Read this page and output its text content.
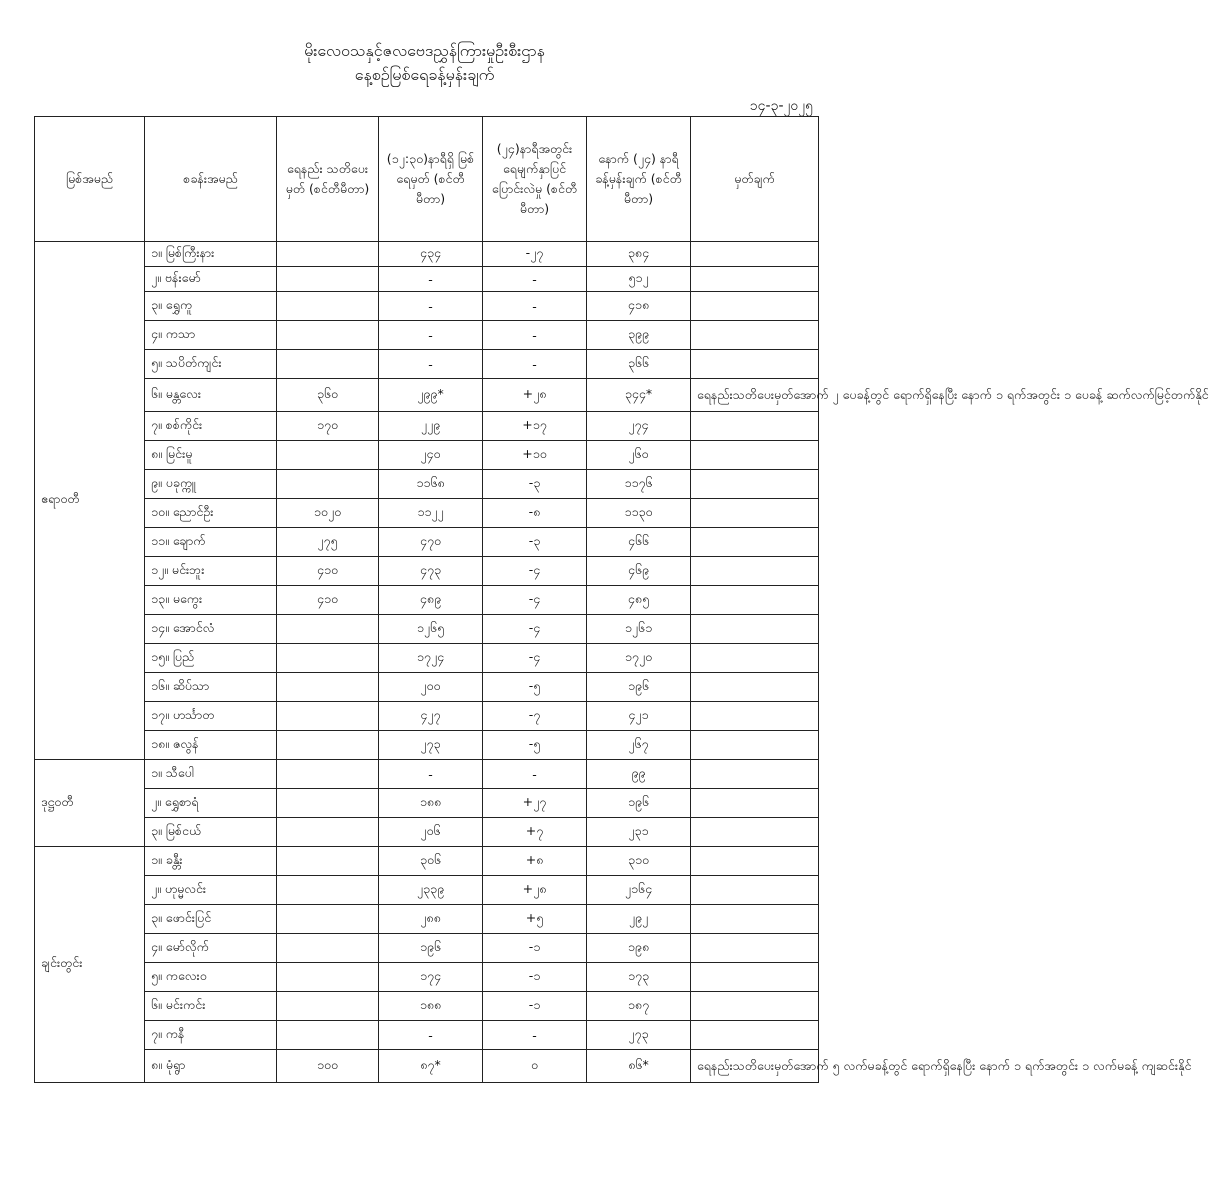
မိုးလေဝသနှင့်ဇလဗေဒညွှန်ကြားမှုဦးစီးဌာန
နေ့စဉ်မြစ်ရေခန့်မှန်းချက်
၁၄-၃-၂၀၂၅
မြစ်အမည်	စခန်းအမည်	ရေနည်း သတိပေးမှတ် (စင်တီမီတာ)	(၁၂:၃၀)နာရီရှိ မြစ်ရေမှတ် (စင်တီမီတာ)	(၂၄)နာရီအတွင်း ရေမျက်နှာပြင် ပြောင်းလဲမှု (စင်တီမီတာ)	နောက် (၂၄) နာရီ ခန့်မှန်းချက် (စင်တီမီတာ)	မှတ်ချက်
ဧရာဝတီ	၁။ မြစ်ကြီးနား		၄၃၄	-၂၇	၃၈၄	
	၂။ ဗန်းမော်		-	-	၅၁၂	
	၃။ ရွှေကူ		-	-	၄၁၈	
	၄။ ကသာ		-	-	၃၉၉	
	၅။ သပိတ်ကျင်း		-	-	၃၆၆	
	၆။ မန္တလေး	၃၆၀	၂၉၉*	+၂၈	၃၄၄*	ရေနည်းသတိပေးမှတ်အောက် ၂ ပေခန့်တွင် ရောက်ရှိနေပြီး နောက် ၁ ရက်အတွင်း ၁ ပေခန့် ဆက်လက်မြင့်တက်နိုင်
	၇။ စစ်ကိုင်း	၁၇၀	၂၂၉	+၁၇	၂၇၄	
	၈။ မြင်းမူ		၂၄၀	+၁၀	၂၆၀	
	၉။ ပခုက္ကူ		၁၁၆၈	-၃	၁၁၇၆	
	၁၀။ ညောင်ဦး	၁၀၂၀	၁၁၂၂	-၈	၁၁၃၀	
	၁၁။ ချောက်	၂၇၅	၄၇၀	-၃	၄၆၆	
	၁၂။ မင်းဘူး	၄၁၀	၄၇၃	-၄	၄၆၉	
	၁၃။ မကွေး	၄၁၀	၄၈၉	-၄	၄၈၅	
	၁၄။ အောင်လံ		၁၂၆၅	-၄	၁၂၆၁	
	၁၅။ ပြည်		၁၇၂၄	-၄	၁၇၂၀	
	၁၆။ ဆိပ်သာ		၂၀၀	-၅	၁၉၆	
	၁၇။ ဟင်္သာတ		၄၂၇	-၇	၄၂၁	
	၁၈။ ဇလွန်		၂၇၃	-၅	၂၆၇	
ဒုဋ္ဌဝတီ	၁။ သီပေါ		-	-	၉၉	
	၂။ ရွှေစာရံ		၁၈၈	+၂၇	၁၉၆	
	၃။ မြစ်ငယ်		၂၀၆	+၇	၂၃၁	
ချင်းတွင်း	၁။ ခန္တီး		၃၀၆	+၈	၃၁၀	
	၂။ ဟုမ္မလင်း		၂၃၃၉	+၂၈	၂၁၆၄	
	၃။ ဖောင်းပြင်		၂၈၈	+၅	၂၉၂	
	၄။ မော်လိုက်		၁၉၆	-၁	၁၉၈	
	၅။ ကလေးဝ		၁၇၄	-၁	၁၇၃	
	၆။ မင်းကင်း		၁၈၈	-၁	၁၈၇	
	၇။ ကနီ		-	-	၂၇၃	
	၈။ မုံရွာ	၁၀၀	၈၇*	၀	၈၆*	ရေနည်းသတိပေးမှတ်အောက် ၅ လက်မခန့်တွင် ရောက်ရှိနေပြီး နောက် ၁ ရက်အတွင်း ၁ လက်မခန့် ကျဆင်းနိုင်
